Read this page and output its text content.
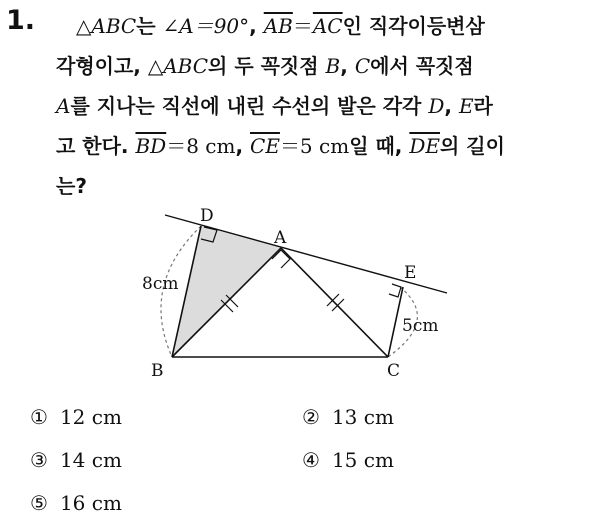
1.	△ABC는 ∠A＝90°, $\overline{AB}=\overline{AC}$인 직각이등변삼
각형이고, △ABC의 두 꼭짓점 B, C에서 꼭짓점
A를 지나는 직선에 내린 수선의 발은 각각 D, E라
고 한다. $\overline{BD}=8$ cm, $\overline{CE}=5$ cm일 때, $\overline{DE}$의 길이
는?
D
A
E
B	C
8cm
5cm
① 12 cm	② 13 cm
③ 14 cm	④ 15 cm
⑤ 16 cm
